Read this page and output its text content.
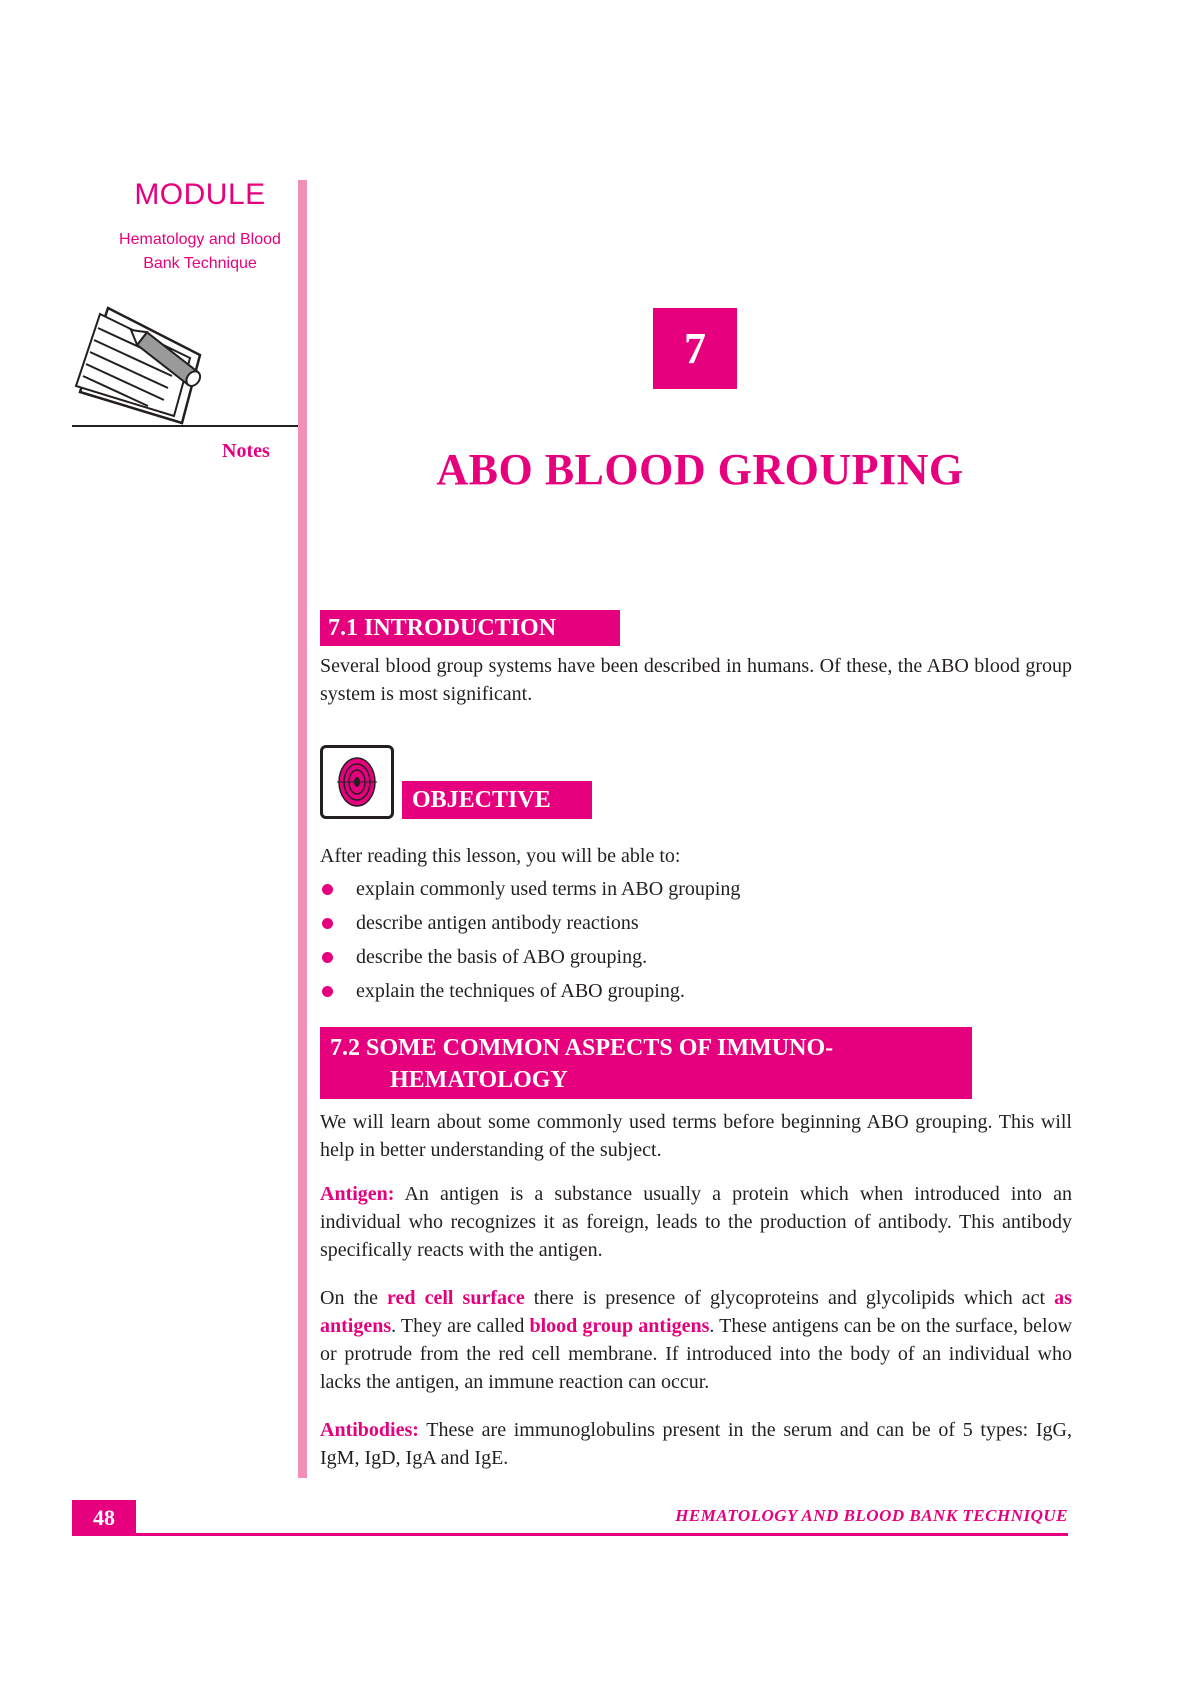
MODULE
Hematology and Blood
Bank Technique
Notes
7
ABO BLOOD GROUPING
7.1 INTRODUCTION
Several blood group systems have been described in humans. Of these, the ABO blood group system is most significant.
OBJECTIVE
After reading this lesson, you will be able to:
explain commonly used terms in ABO grouping
describe antigen antibody reactions
describe the basis of ABO grouping.
explain the techniques of ABO grouping.
7.2 SOME COMMON ASPECTS OF IMMUNO-
HEMATOLOGY
We will learn about some commonly used terms before beginning ABO grouping. This will help in better understanding of the subject.
Antigen: An antigen is a substance usually a protein which when introduced into an individual who recognizes it as foreign, leads to the production of antibody. This antibody specifically reacts with the antigen.
On the red cell surface there is presence of glycoproteins and glycolipids which act as antigens. They are called blood group antigens. These antigens can be on the surface, below or protrude from the red cell membrane. If introduced into the body of an individual who lacks the antigen, an immune reaction can occur.
Antibodies: These are immunoglobulins present in the serum and can be of 5 types: IgG, IgM, IgD, IgA and IgE.
48	HEMATOLOGY AND BLOOD BANK TECHNIQUE
